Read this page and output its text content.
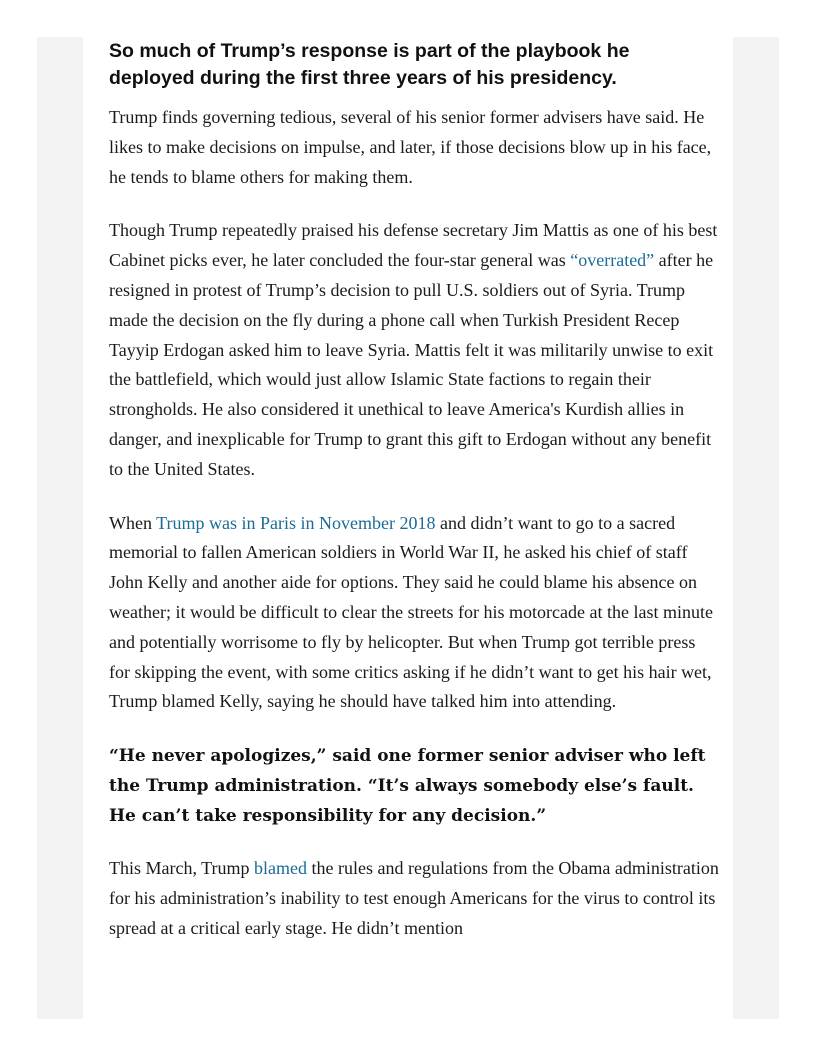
So much of Trump’s response is part of the playbook he deployed during the first three years of his presidency.

Trump finds governing tedious, several of his senior former advisers have said. He likes to make decisions on impulse, and later, if those decisions blow up in his face, he tends to blame others for making them.

Though Trump repeatedly praised his defense secretary Jim Mattis as one of his best Cabinet picks ever, he later concluded the four-star general was “overrated” after he resigned in protest of Trump’s decision to pull U.S. soldiers out of Syria. Trump made the decision on the fly during a phone call when Turkish President Recep Tayyip Erdogan asked him to leave Syria. Mattis felt it was militarily unwise to exit the battlefield, which would just allow Islamic State factions to regain their strongholds. He also considered it unethical to leave America's Kurdish allies in danger, and inexplicable for Trump to grant this gift to Erdogan without any benefit to the United States.

When Trump was in Paris in November 2018 and didn’t want to go to a sacred memorial to fallen American soldiers in World War II, he asked his chief of staff John Kelly and another aide for options. They said he could blame his absence on weather; it would be difficult to clear the streets for his motorcade at the last minute and potentially worrisome to fly by helicopter. But when Trump got terrible press for skipping the event, with some critics asking if he didn’t want to get his hair wet, Trump blamed Kelly, saying he should have talked him into attending.

“He never apologizes,” said one former senior adviser who left the Trump administration. “It’s always somebody else’s fault. He can’t take responsibility for any decision.”

This March, Trump blamed the rules and regulations from the Obama administration for his administration’s inability to test enough Americans for the virus to control its spread at a critical early stage. He didn’t mention
